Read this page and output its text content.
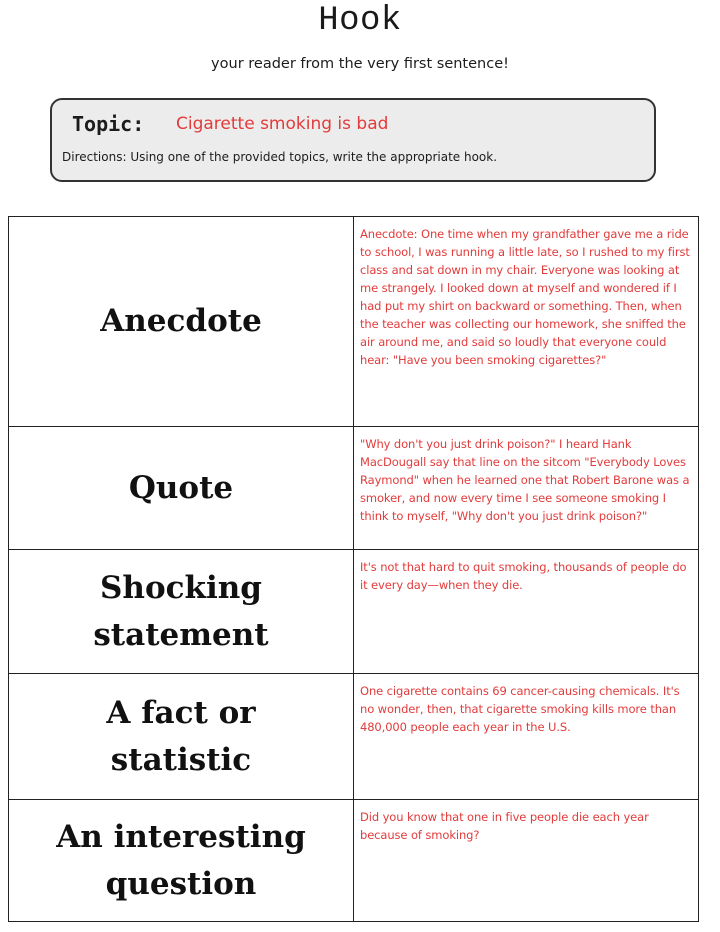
Hook
your reader from the very first sentence!
Topic: Cigarette smoking is bad
Directions: Using one of the provided topics, write the appropriate hook.
Anecdote	Anecdote: One time when my grandfather gave me a ride to school, I was running a little late, so I rushed to my first class and sat down in my chair. Everyone was looking at me strangely. I looked down at myself and wondered if I had put my shirt on backward or something. Then, when the teacher was collecting our homework, she sniffed the air around me, and said so loudly that everyone could hear: "Have you been smoking cigarettes?"

Quote	"Why don't you just drink poison?" I heard Hank MacDougall say that line on the sitcom "Everybody Loves Raymond" when he learned one that Robert Barone was a smoker, and now every time I see someone smoking I think to myself, "Why don't you just drink poison?"

Shocking
statement	It's not that hard to quit smoking, thousands of people do it every day—when they die.

A fact or
statistic	One cigarette contains 69 cancer-causing chemicals. It's no wonder, then, that cigarette smoking kills more than 480,000 people each year in the U.S.

An interesting
question	Did you know that one in five people die each year because of smoking?
